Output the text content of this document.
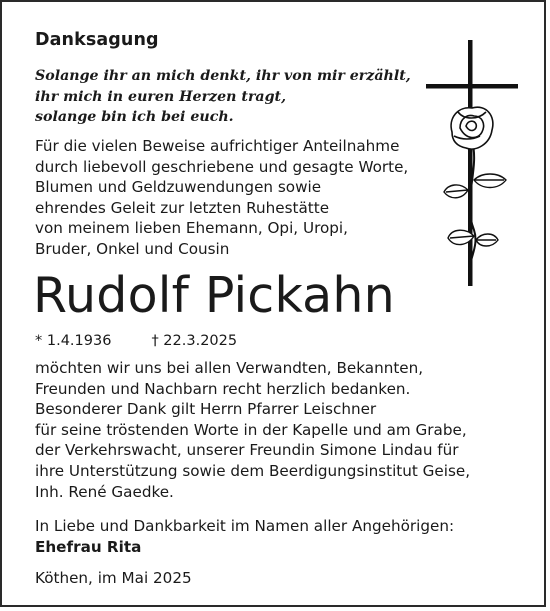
Danksagung
Solange ihr an mich denkt, ihr von mir erzählt,
ihr mich in euren Herzen tragt,
solange bin ich bei euch.
Für die vielen Beweise aufrichtiger Anteilnahme
durch liebevoll geschriebene und gesagte Worte,
Blumen und Geldzuwendungen sowie
ehrendes Geleit zur letzten Ruhestätte
von meinem lieben Ehemann, Opi, Uropi,
Bruder, Onkel und Cousin
Rudolf Pickahn
* 1.4.1936	† 22.3.2025
möchten wir uns bei allen Verwandten, Bekannten,
Freunden und Nachbarn recht herzlich bedanken.
Besonderer Dank gilt Herrn Pfarrer Leischner
für seine tröstenden Worte in der Kapelle und am Grabe,
der Verkehrswacht, unserer Freundin Simone Lindau für
ihre Unterstützung sowie dem Beerdigungsinstitut Geise,
Inh. René Gaedke.
In Liebe und Dankbarkeit im Namen aller Angehörigen:
Ehefrau Rita
Köthen, im Mai 2025
